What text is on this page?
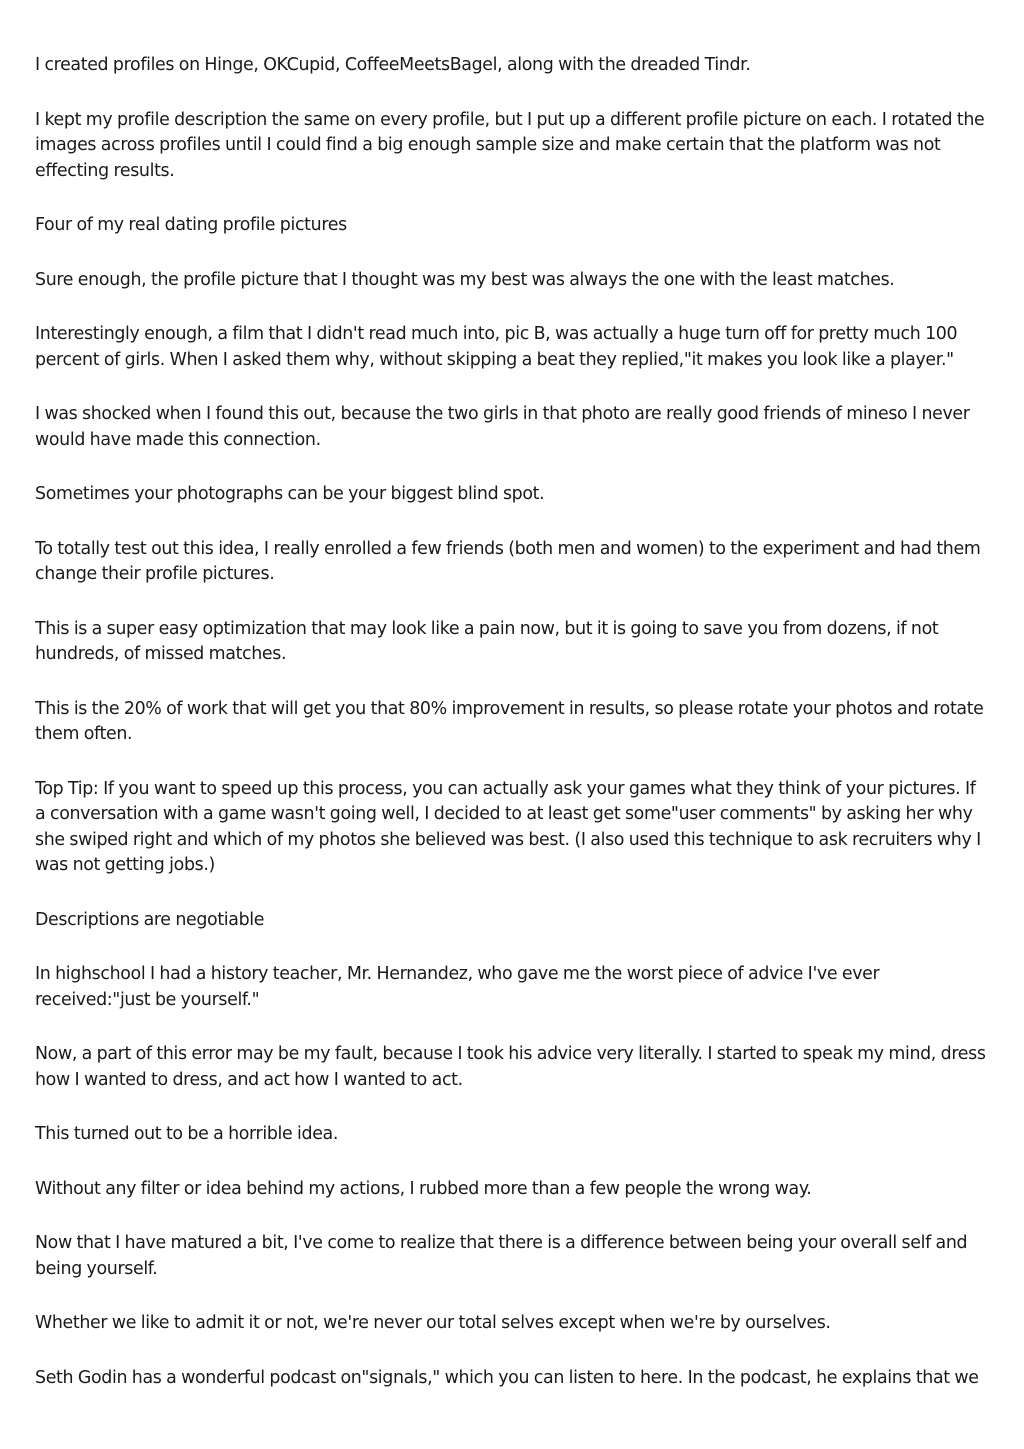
I created profiles on Hinge, OKCupid, CoffeeMeetsBagel, along with the dreaded Tindr.

I kept my profile description the same on every profile, but I put up a different profile picture on each. I rotated the images across profiles until I could find a big enough sample size and make certain that the platform was not effecting results.

Four of my real dating profile pictures

Sure enough, the profile picture that I thought was my best was always the one with the least matches.

Interestingly enough, a film that I didn't read much into, pic B, was actually a huge turn off for pretty much 100 percent of girls. When I asked them why, without skipping a beat they replied,"it makes you look like a player."

I was shocked when I found this out, because the two girls in that photo are really good friends of mineso I never would have made this connection.

Sometimes your photographs can be your biggest blind spot.

To totally test out this idea, I really enrolled a few friends (both men and women) to the experiment and had them change their profile pictures.

This is a super easy optimization that may look like a pain now, but it is going to save you from dozens, if not hundreds, of missed matches.

This is the 20% of work that will get you that 80% improvement in results, so please rotate your photos and rotate them often.

Top Tip: If you want to speed up this process, you can actually ask your games what they think of your pictures. If a conversation with a game wasn't going well, I decided to at least get some"user comments" by asking her why she swiped right and which of my photos she believed was best. (I also used this technique to ask recruiters why I was not getting jobs.)

Descriptions are negotiable

In highschool I had a history teacher, Mr. Hernandez, who gave me the worst piece of advice I've ever received:"just be yourself."

Now, a part of this error may be my fault, because I took his advice very literally. I started to speak my mind, dress how I wanted to dress, and act how I wanted to act.

This turned out to be a horrible idea.

Without any filter or idea behind my actions, I rubbed more than a few people the wrong way.

Now that I have matured a bit, I've come to realize that there is a difference between being your overall self and being yourself.

Whether we like to admit it or not, we're never our total selves except when we're by ourselves.

Seth Godin has a wonderful podcast on"signals," which you can listen to here. In the podcast, he explains that we
